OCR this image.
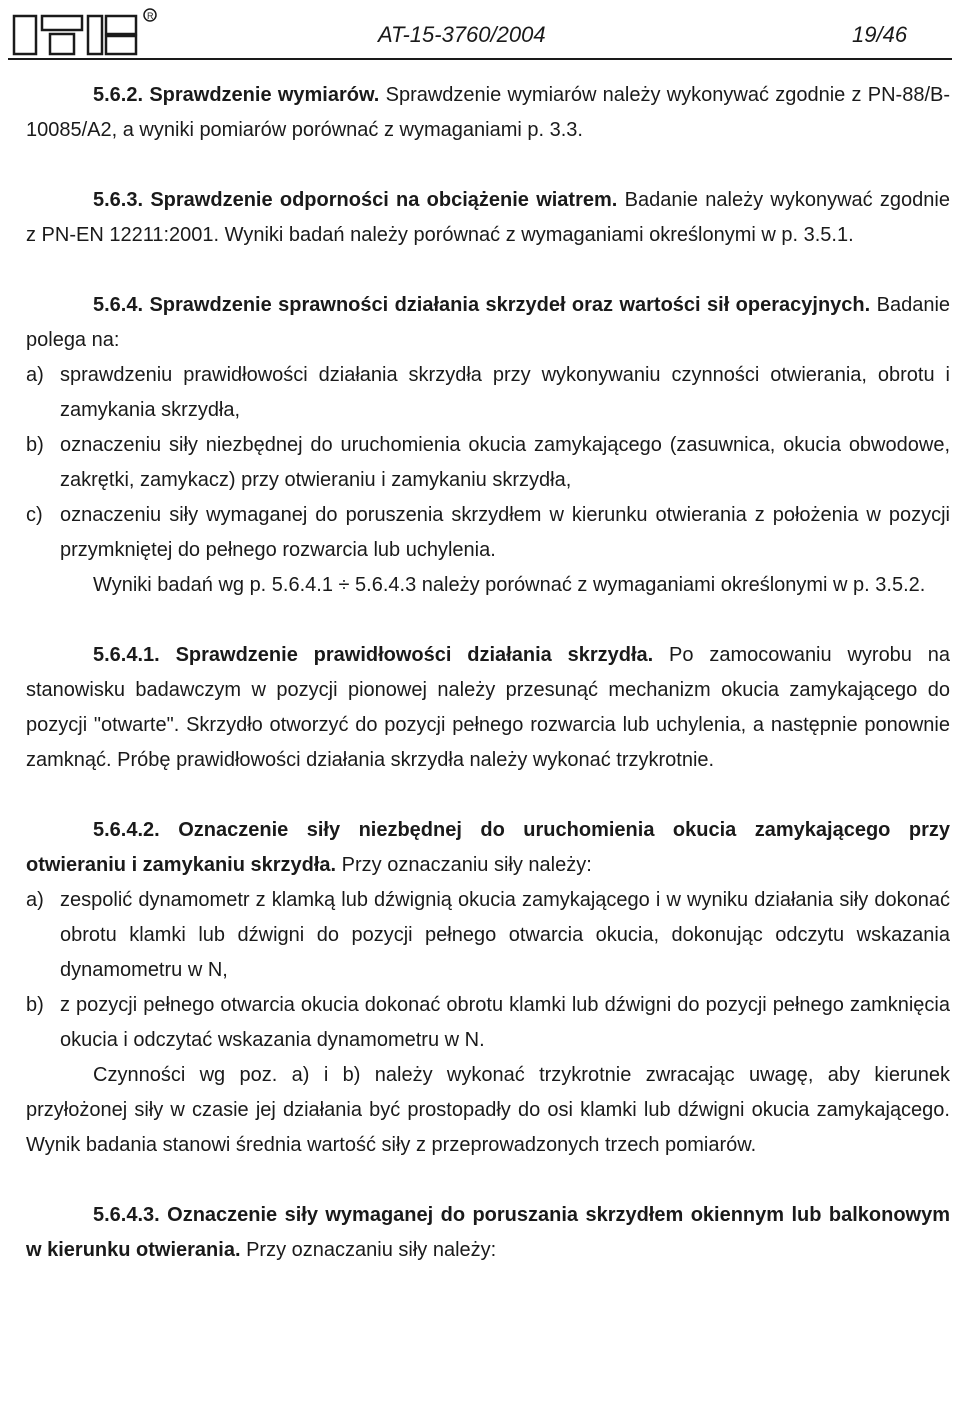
R
AT-15-3760/2004	19/46

5.6.2. Sprawdzenie wymiarów. Sprawdzenie wymiarów należy wykonywać zgodnie z PN-88/B-10085/A2, a wyniki pomiarów porównać z wymaganiami p. 3.3.

5.6.3. Sprawdzenie odporności na obciążenie wiatrem. Badanie należy wykonywać zgodnie z PN-EN 12211:2001. Wyniki badań należy porównać z wymaganiami określonymi w p. 3.5.1.

5.6.4. Sprawdzenie sprawności działania skrzydeł oraz wartości sił operacyjnych. Badanie polega na:

a) sprawdzeniu prawidłowości działania skrzydła przy wykonywaniu czynności otwierania, obrotu i zamykania skrzydła,
b) oznaczeniu siły niezbędnej do uruchomienia okucia zamykającego (zasuwnica, okucia obwodowe, zakrętki, zamykacz) przy otwieraniu i zamykaniu skrzydła,
c) oznaczeniu siły wymaganej do poruszenia skrzydłem w kierunku otwierania z położenia w pozycji przymkniętej do pełnego rozwarcia lub uchylenia.

Wyniki badań wg p. 5.6.4.1 ÷ 5.6.4.3 należy porównać z wymaganiami określonymi w p. 3.5.2.

5.6.4.1. Sprawdzenie prawidłowości działania skrzydła. Po zamocowaniu wyrobu na stanowisku badawczym w pozycji pionowej należy przesunąć mechanizm okucia zamykającego do pozycji "otwarte". Skrzydło otworzyć do pozycji pełnego rozwarcia lub uchylenia, a następnie ponownie zamknąć. Próbę prawidłowości działania skrzydła należy wykonać trzykrotnie.

5.6.4.2. Oznaczenie siły niezbędnej do uruchomienia okucia zamykającego przy otwieraniu i zamykaniu skrzydła. Przy oznaczaniu siły należy:

a) zespolić dynamometr z klamką lub dźwignią okucia zamykającego i w wyniku działania siły dokonać obrotu klamki lub dźwigni do pozycji pełnego otwarcia okucia, dokonując odczytu wskazania dynamometru w N,
b) z pozycji pełnego otwarcia okucia dokonać obrotu klamki lub dźwigni do pozycji pełnego zamknięcia okucia i odczytać wskazania dynamometru w N.

Czynności wg poz. a) i b) należy wykonać trzykrotnie zwracając uwagę, aby kierunek przyłożonej siły w czasie jej działania być prostopadły do osi klamki lub dźwigni okucia zamykającego. Wynik badania stanowi średnia wartość siły z przeprowadzonych trzech pomiarów.

5.6.4.3. Oznaczenie siły wymaganej do poruszania skrzydłem okiennym lub balkonowym w kierunku otwierania. Przy oznaczaniu siły należy:
